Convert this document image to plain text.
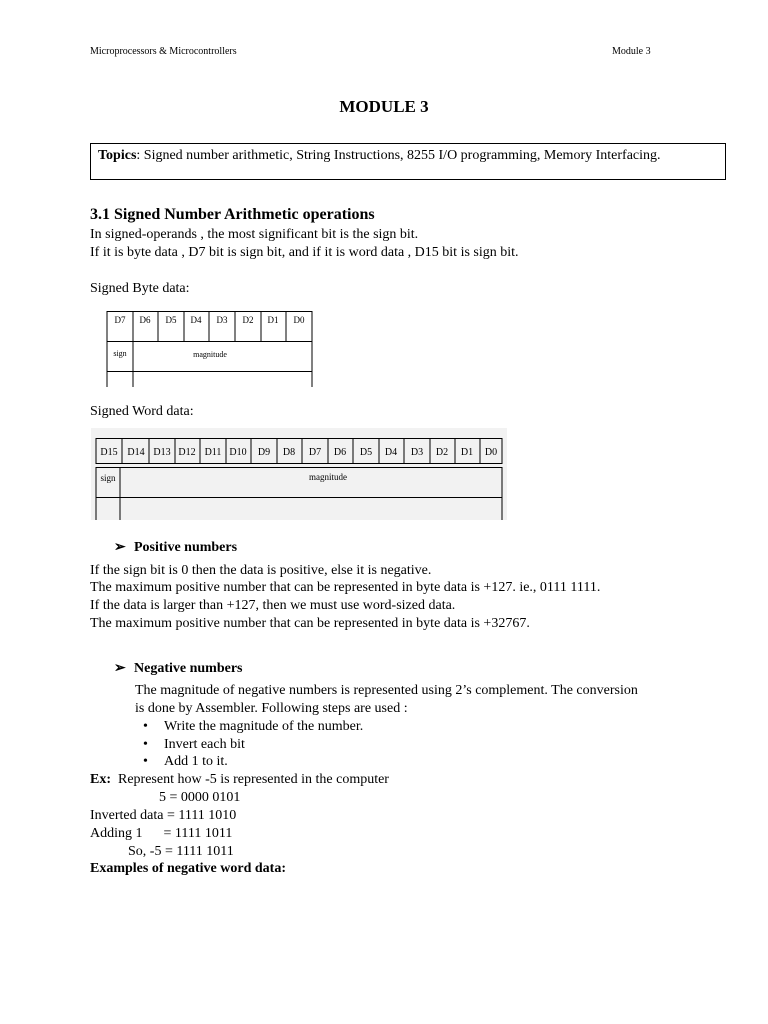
Microprocessors & Microcontrollers	Module 3
MODULE 3
Topics: Signed number arithmetic, String Instructions, 8255 I/O programming, Memory Interfacing.
3.1 Signed Number Arithmetic operations
In signed-operands , the most significant bit is the sign bit.
If it is byte data , D7 bit is sign bit, and if it is word data , D15 bit is sign bit.
Signed Byte data:
D7 D6 D5 D4 D3 D2 D1 D0
sign	magnitude
Signed Word data:
D15 D14 D13 D12 D11 D10 D9 D8 D7 D6 D5 D4 D3 D2 D1 D0
sign	magnitude
➢ Positive numbers
If the sign bit is 0 then the data is positive, else it is negative.
The maximum positive number that can be represented in byte data is +127. ie., 0111 1111.
If the data is larger than +127, then we must use word-sized data.
The maximum positive number that can be represented in byte data is +32767.
➢ Negative numbers
The magnitude of negative numbers is represented using 2’s complement. The conversion
is done by Assembler. Following steps are used :
• Write the magnitude of the number.
• Invert each bit
• Add 1 to it.
Ex: Represent how -5 is represented in the computer
5 = 0000 0101
Inverted data = 1111 1010
Adding 1      = 1111 1011
So, -5 = 1111 1011
Examples of negative word data:
